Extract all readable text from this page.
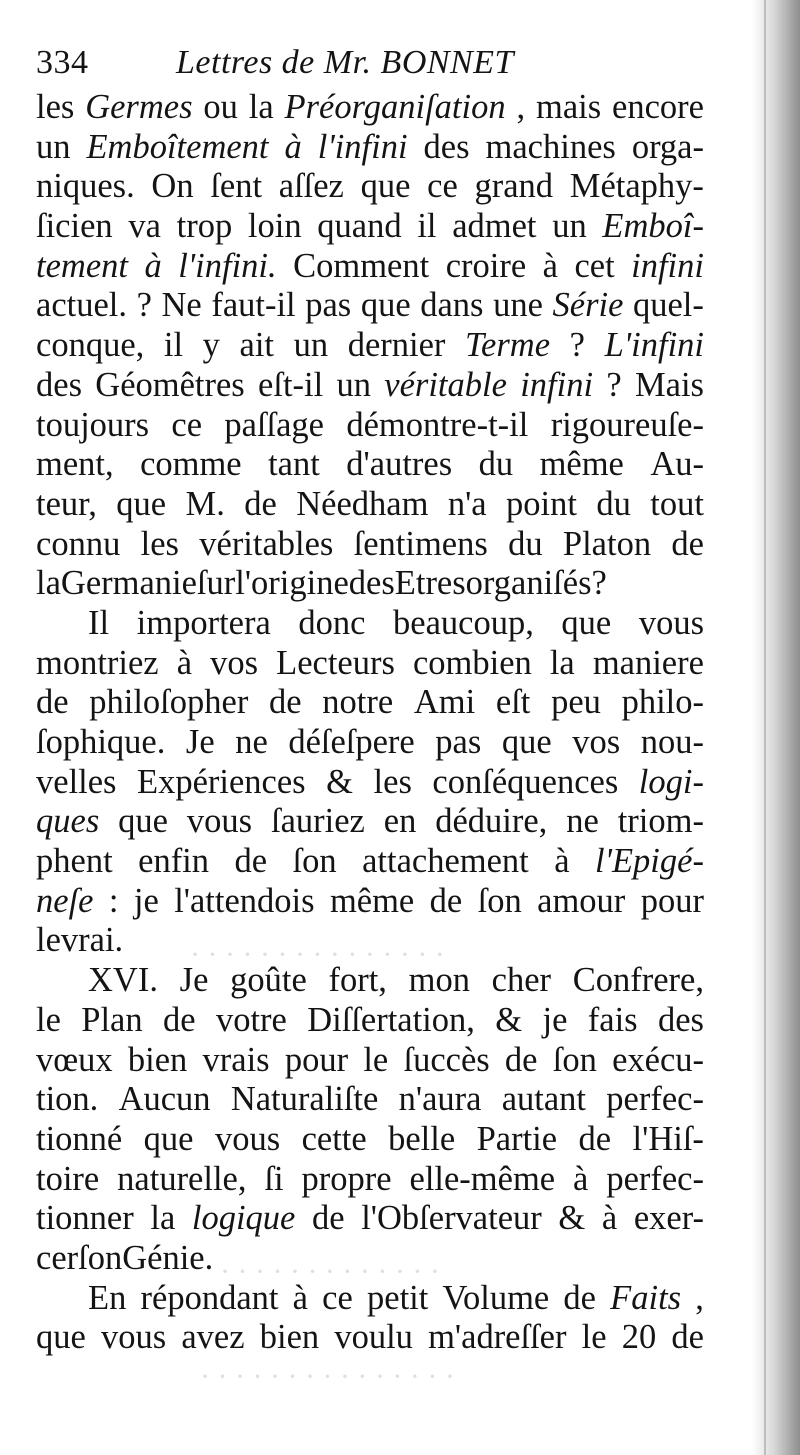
· · · · · · · · · · · · · · ·
· · · · · · · · · · · · ·
· · · · · · · · · · · · · · ·
334	Lettres de Mr. BONNET
les Germes ou la Préorganiſation , mais encore
un Emboîtement à l'infini des machines orga-
niques. On ſent aſſez que ce grand Métaphy-
ſicien va trop loin quand il admet un Emboî-
tement à l'infini. Comment croire à cet infini
actuel. ? Ne faut-il pas que dans une Série quel-
conque, il y ait un dernier Terme ? L'infini
des Géomêtres eſt-il un véritable infini ? Mais
toujours ce paſſage démontre-t-il rigoureuſe-
ment, comme tant d'autres du même Au-
teur, que M. de Néedham n'a point du tout
connu les véritables ſentimens du Platon de
la Germanie ſur l'origine des Etres organiſés?
Il importera donc beaucoup, que vous
montriez à vos Lecteurs combien la maniere
de philoſopher de notre Ami eſt peu philo-
ſophique. Je ne déſeſpere pas que vos nou-
velles Expériences & les conſéquences logi-
ques que vous ſauriez en déduire, ne triom-
phent enfin de ſon attachement à l'Epigé-
neſe : je l'attendois même de ſon amour pour
le vrai.
XVI. Je goûte fort, mon cher Confrere,
le Plan de votre Diſſertation, & je fais des
vœux bien vrais pour le ſuccès de ſon exécu-
tion. Aucun Naturaliſte n'aura autant perfec-
tionné que vous cette belle Partie de l'Hiſ-
toire naturelle, ſi propre elle-même à perfec-
tionner la logique de l'Obſervateur & à exer-
cer ſon Génie.
En répondant à ce petit Volume de Faits ,
que vous avez bien voulu m'adreſſer le 20 de
